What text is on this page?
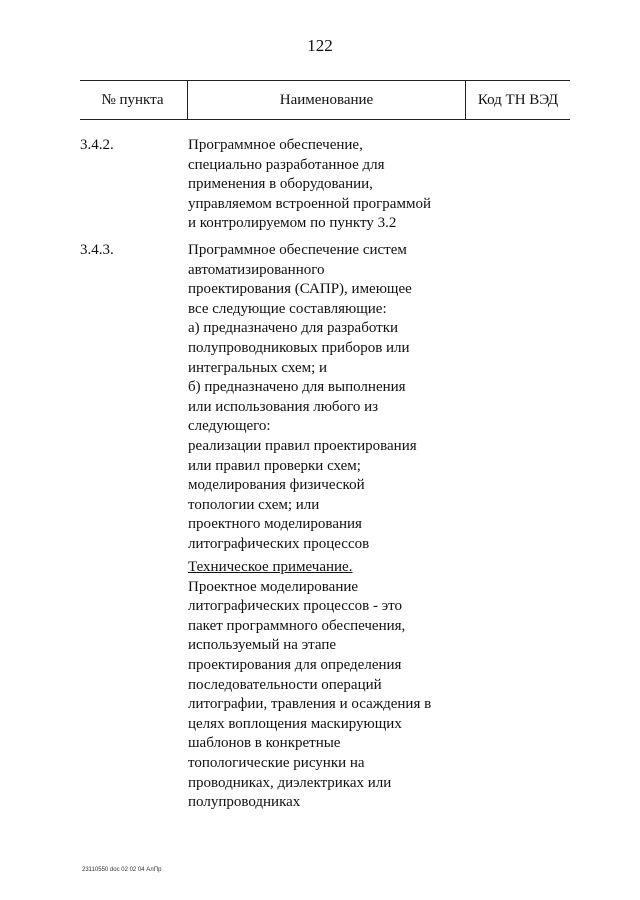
122
№ пункта	Наименование	Код ТН ВЭД
3.4.2.	Программное обеспечение,

специально разработанное для

применения в оборудовании,

управляемом встроенной программой

и контролируемом по пункту 3.2

3.4.3.	Программное обеспечение систем

автоматизированного

проектирования (САПР), имеющее

все следующие составляющие:

а) предназначено для разработки

полупроводниковых приборов или

интегральных схем; и

б) предназначено для выполнения

или использования любого из

следующего:

реализации правил проектирования

или правил проверки схем;

моделирования физической

топологии схем; или

проектного моделирования

литографических процессов

Техническое примечание.

Проектное моделирование

литографических процессов - это

пакет программного обеспечения,

используемый на этапе

проектирования для определения

последовательности операций

литографии, травления и осаждения в

целях воплощения маскирующих

шаблонов в конкретные

топологические рисунки на

проводниках, диэлектриках или

полупроводниках

23110550 doc 02 02 04 АлПр
